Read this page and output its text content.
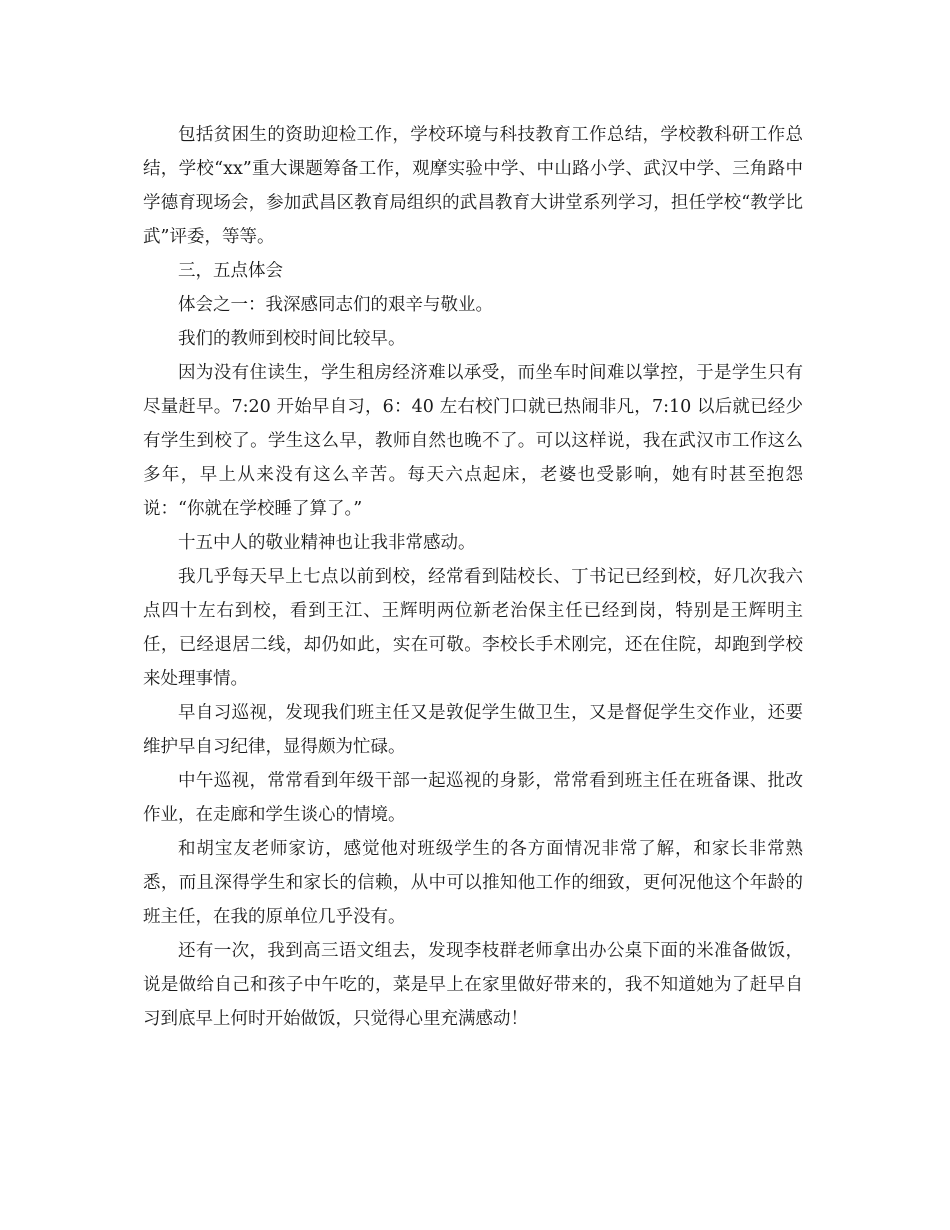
包括贫困生的资助迎检工作，学校环境与科技教育工作总结，学校教科研工作总结，学校“xx”重大课题筹备工作，观摩实验中学、中山路小学、武汉中学、三角路中学德育现场会，参加武昌区教育局组织的武昌教育大讲堂系列学习，担任学校“教学比武”评委，等等。

三，五点体会

体会之一：我深感同志们的艰辛与敬业。

我们的教师到校时间比较早。

因为没有住读生，学生租房经济难以承受，而坐车时间难以掌控，于是学生只有尽量赶早。7:20 开始早自习，6：40 左右校门口就已热闹非凡，7:10 以后就已经少有学生到校了。学生这么早，教师自然也晚不了。可以这样说，我在武汉市工作这么多年，早上从来没有这么辛苦。每天六点起床，老婆也受影响，她有时甚至抱怨说：“你就在学校睡了算了。”

十五中人的敬业精神也让我非常感动。

我几乎每天早上七点以前到校，经常看到陆校长、丁书记已经到校，好几次我六点四十左右到校，看到王江、王辉明两位新老治保主任已经到岗，特别是王辉明主任，已经退居二线，却仍如此，实在可敬。李校长手术刚完，还在住院，却跑到学校来处理事情。

早自习巡视，发现我们班主任又是敦促学生做卫生，又是督促学生交作业，还要维护早自习纪律，显得颇为忙碌。

中午巡视，常常看到年级干部一起巡视的身影，常常看到班主任在班备课、批改作业，在走廊和学生谈心的情境。

和胡宝友老师家访，感觉他对班级学生的各方面情况非常了解，和家长非常熟悉，而且深得学生和家长的信赖，从中可以推知他工作的细致，更何况他这个年龄的班主任，在我的原单位几乎没有。

还有一次，我到高三语文组去，发现李枝群老师拿出办公桌下面的米准备做饭，说是做给自己和孩子中午吃的，菜是早上在家里做好带来的，我不知道她为了赶早自习到底早上何时开始做饭，只觉得心里充满感动！
